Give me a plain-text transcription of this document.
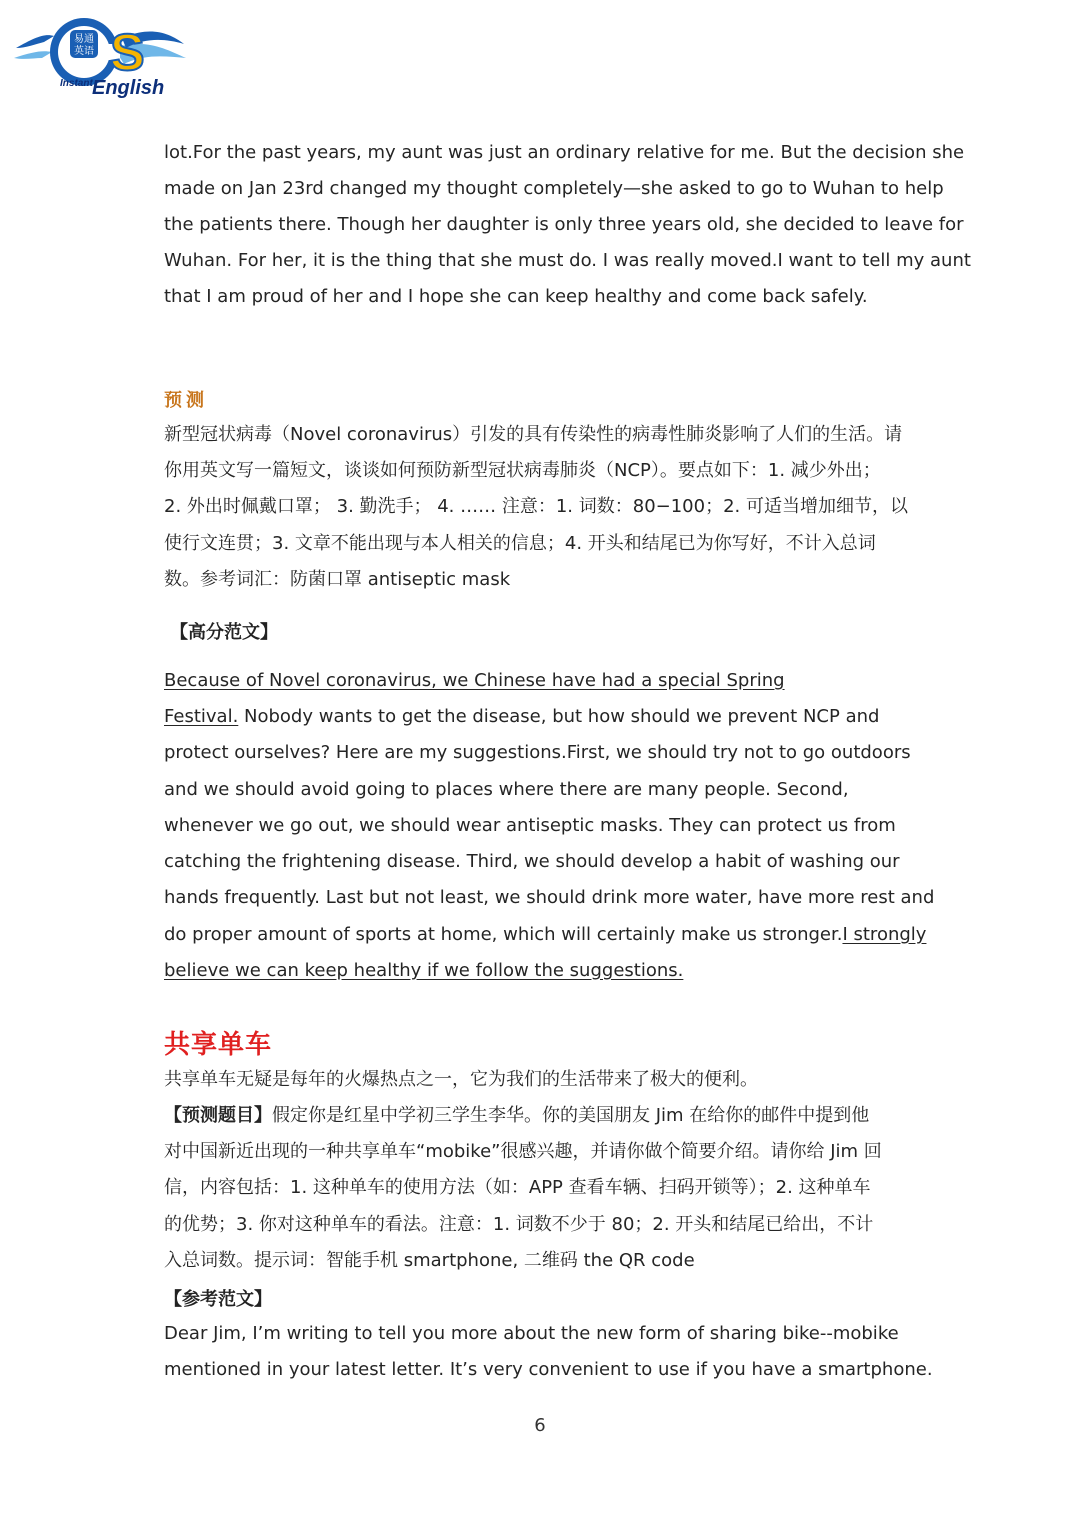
S
易通
英语
Instant English
lot.For the past years, my aunt was just an ordinary relative for me. But the decision she
made on Jan 23rd changed my thought completely—she asked to go to Wuhan to help
the patients there. Though her daughter is only three years old, she decided to leave for
Wuhan. For her, it is the thing that she must do. I was really moved.I want to tell my aunt
that I am proud of her and I hope she can keep healthy and come back safely.
预测
新型冠状病毒（Novel coronavirus）引发的具有传染性的病毒性肺炎影响了人们的生活。请
你用英文写一篇短文，谈谈如何预防新型冠状病毒肺炎（NCP）。要点如下：1. 减少外出；
2. 外出时佩戴口罩； 3. 勤洗手； 4. …… 注意：1. 词数：80−100；2. 可适当增加细节，以
使行文连贯；3. 文章不能出现与本人相关的信息；4. 开头和结尾已为你写好，不计入总词
数。参考词汇：防菌口罩 antiseptic mask
【高分范文】
Because of Novel coronavirus, we Chinese have had a special Spring
Festival. Nobody wants to get the disease, but how should we prevent NCP and
protect ourselves? Here are my suggestions.First, we should try not to go outdoors
and we should avoid going to places where there are many people. Second,
whenever we go out, we should wear antiseptic masks. They can protect us from
catching the frightening disease. Third, we should develop a habit of washing our
hands frequently. Last but not least, we should drink more water, have more rest and
do proper amount of sports at home, which will certainly make us stronger.I strongly
believe we can keep healthy if we follow the suggestions.
共享单车
共享单车无疑是每年的火爆热点之一，它为我们的生活带来了极大的便利。
【预测题目】假定你是红星中学初三学生李华。你的美国朋友 Jim 在给你的邮件中提到他
对中国新近出现的一种共享单车“mobike”很感兴趣，并请你做个简要介绍。请你给 Jim 回
信，内容包括：1. 这种单车的使用方法（如：APP 查看车辆、扫码开锁等）；2. 这种单车
的优势；3. 你对这种单车的看法。注意：1. 词数不少于 80；2. 开头和结尾已给出，不计
入总词数。提示词：智能手机 smartphone, 二维码 the QR code
【参考范文】
Dear Jim, I’m writing to tell you more about the new form of sharing bike--mobike
mentioned in your latest letter. It’s very convenient to use if you have a smartphone.
6
